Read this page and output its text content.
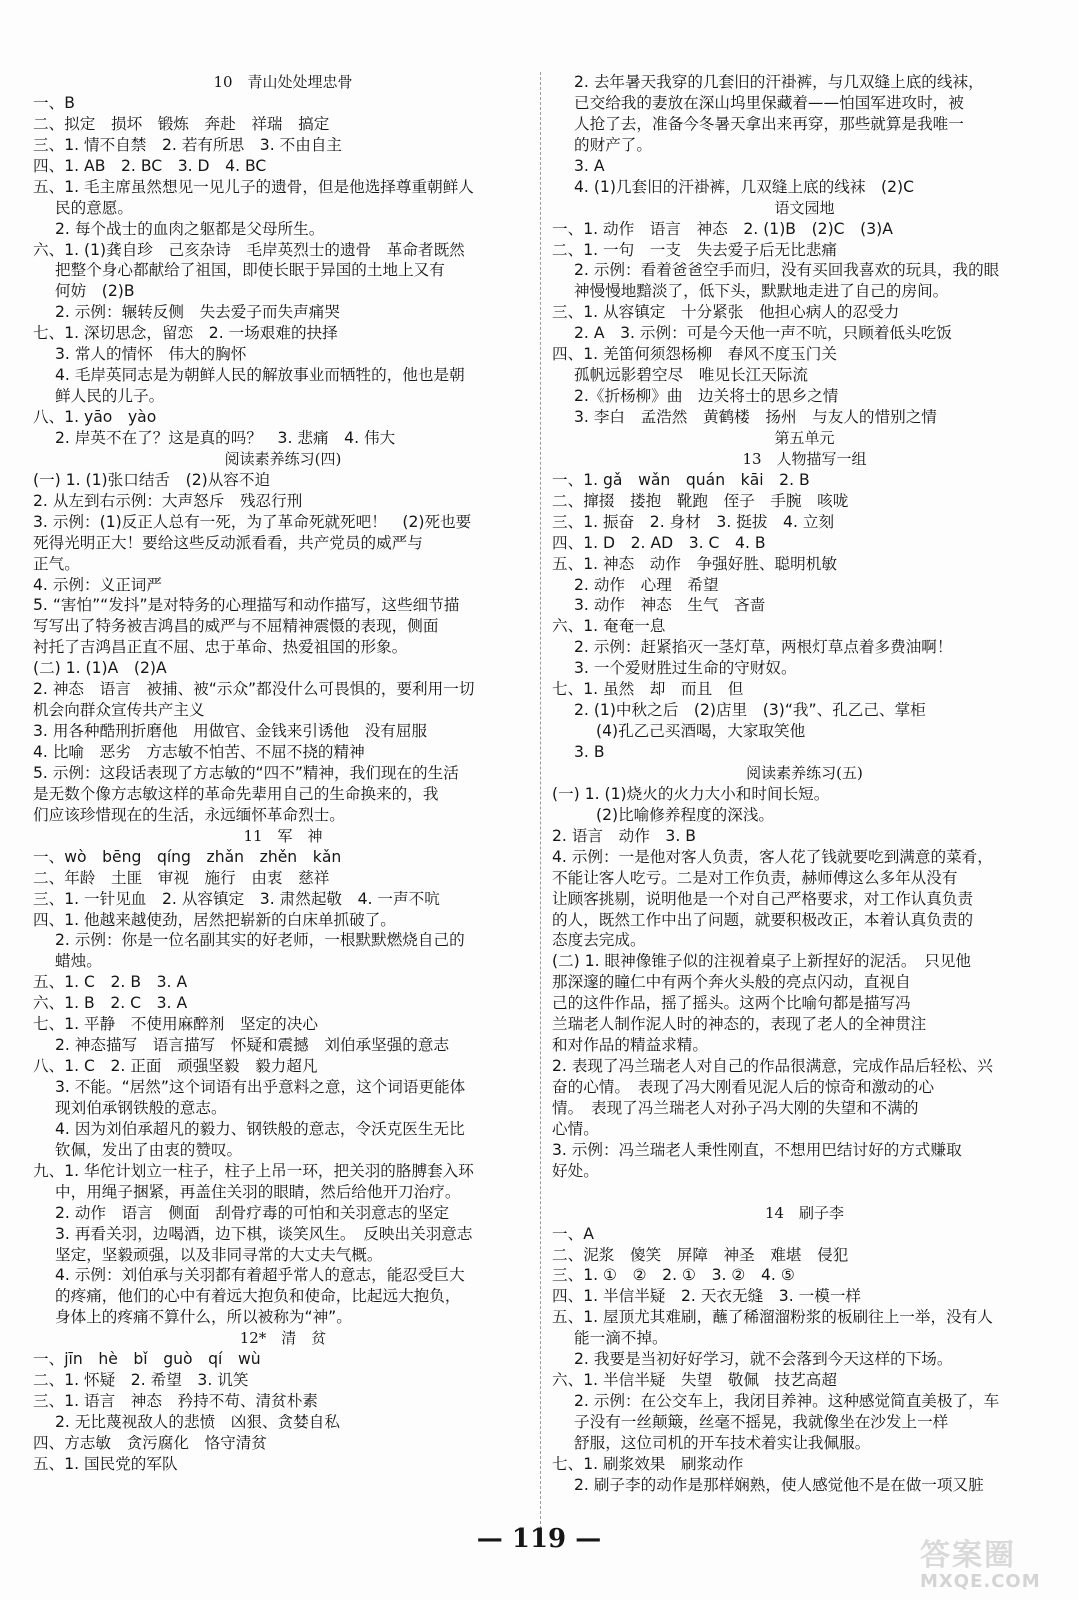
10　青山处处埋忠骨
一、B
二、拟定　损坏　锻炼　奔赴　祥瑞　搞定
三、1. 情不自禁　2. 若有所思　3. 不由自主
四、1. AB　2. BC　3. D　4. BC
五、1. 毛主席虽然想见一见儿子的遗骨，但是他选择尊重朝鲜人
民的意愿。
2. 每个战士的血肉之躯都是父母所生。
六、1. (1)龚自珍　己亥杂诗　毛岸英烈士的遗骨　革命者既然
把整个身心都献给了祖国，即使长眠于异国的土地上又有
何妨　(2)B
2. 示例：辗转反侧　失去爱子而失声痛哭
七、1. 深切思念，留恋　2. 一场艰难的抉择
3. 常人的情怀　伟大的胸怀
4. 毛岸英同志是为朝鲜人民的解放事业而牺牲的，他也是朝
鲜人民的儿子。
八、1. yāo　yào
2. 岸英不在了？这是真的吗？　3. 悲痛　4. 伟大
阅读素养练习(四)
(一) 1. (1)张口结舌　(2)从容不迫
2. 从左到右示例：大声怒斥　残忍行刑
3. 示例：(1)反正人总有一死，为了革命死就死吧！　(2)死也要
死得光明正大！要给这些反动派看看，共产党员的威严与
正气。
4. 示例：义正词严
5. “害怕”“发抖”是对特务的心理描写和动作描写，这些细节描
写写出了特务被吉鸿昌的威严与不屈精神震慑的表现，侧面
衬托了吉鸿昌正直不屈、忠于革命、热爱祖国的形象。
(二) 1. (1)A　(2)A
2. 神态　语言　被捕、被“示众”都没什么可畏惧的，要利用一切
机会向群众宣传共产主义
3. 用各种酷刑折磨他　用做官、金钱来引诱他　没有屈服
4. 比喻　恶劣　方志敏不怕苦、不屈不挠的精神
5. 示例：这段话表现了方志敏的“四不”精神，我们现在的生活
是无数个像方志敏这样的革命先辈用自己的生命换来的，我
们应该珍惜现在的生活，永远缅怀革命烈士。
11　军　神
一、wò　bēng　qíng　zhǎn　zhěn　kǎn
二、年龄　土匪　审视　施行　由衷　慈祥
三、1. 一针见血　2. 从容镇定　3. 肃然起敬　4. 一声不吭
四、1. 他越来越使劲，居然把崭新的白床单抓破了。
2. 示例：你是一位名副其实的好老师，一根默默燃烧自己的
蜡烛。
五、1. C　2. B　3. A
六、1. B　2. C　3. A
七、1. 平静　不使用麻醉剂　坚定的决心
2. 神态描写　语言描写　怀疑和震撼　刘伯承坚强的意志
八、1. C　2. 正面　顽强坚毅　毅力超凡
3. 不能。“居然”这个词语有出乎意料之意，这个词语更能体
现刘伯承钢铁般的意志。
4. 因为刘伯承超凡的毅力、钢铁般的意志，令沃克医生无比
钦佩，发出了由衷的赞叹。
九、1. 华佗计划立一柱子，柱子上吊一环，把关羽的胳膊套入环
中，用绳子捆紧，再盖住关羽的眼睛，然后给他开刀治疗。
2. 动作　语言　侧面　刮骨疗毒的可怕和关羽意志的坚定
3. 再看关羽，边喝酒，边下棋，谈笑风生。　反映出关羽意志
坚定，坚毅顽强，以及非同寻常的大丈夫气概。
4. 示例：刘伯承与关羽都有着超乎常人的意志，能忍受巨大
的疼痛，他们的心中有着远大抱负和使命，比起远大抱负，
身体上的疼痛不算什么，所以被称为“神”。
12*　清　贫
一、jīn　hè　bǐ　guò　qí　wù
二、1. 怀疑　2. 希望　3. 讥笑
三、1. 语言　神态　矜持不苟、清贫朴素
2. 无比蔑视敌人的悲愤　凶狠、贪婪自私
四、方志敏　贪污腐化　恪守清贫
五、1. 国民党的军队
2. 去年暑天我穿的几套旧的汗褂裤，与几双缝上底的线袜，
已交给我的妻放在深山坞里保藏着——怕国军进攻时，被
人抢了去，准备今冬暑天拿出来再穿，那些就算是我唯一
的财产了。
3. A
4. (1)几套旧的汗褂裤，几双缝上底的线袜　(2)C
语文园地
一、1. 动作　语言　神态　2. (1)B　(2)C　(3)A
二、1. 一句　一支　失去爱子后无比悲痛
2. 示例：看着爸爸空手而归，没有买回我喜欢的玩具，我的眼
神慢慢地黯淡了，低下头，默默地走进了自己的房间。
三、1. 从容镇定　十分紧张　他担心病人的忍受力
2. A　3. 示例：可是今天他一声不吭，只顾着低头吃饭
四、1. 羌笛何须怨杨柳　春风不度玉门关
孤帆远影碧空尽　唯见长江天际流
2.《折杨柳》曲　边关将士的思乡之情
3. 李白　孟浩然　黄鹤楼　扬州　与友人的惜别之情
第五单元
13　人物描写一组
一、1. gǎ　wǎn　quán　kāi　2. B
二、撺掇　搂抱　靴跑　侄子　手腕　咳咙
三、1. 振奋　2. 身材　3. 挺拔　4. 立刻
四、1. D　2. AD　3. C　4. B
五、1. 神态　动作　争强好胜、聪明机敏
2. 动作　心理　希望
3. 动作　神态　生气　吝啬
六、1. 奄奄一息
2. 示例：赶紧掐灭一茎灯草，两根灯草点着多费油啊！
3. 一个爱财胜过生命的守财奴。
七、1. 虽然　却　而且　但
2. (1)中秋之后　(2)店里　(3)“我”、孔乙己、掌柜
(4)孔乙己买酒喝，大家取笑他
3. B
阅读素养练习(五)
(一) 1. (1)烧火的火力大小和时间长短。
(2)比喻修养程度的深浅。
2. 语言　动作　3. B
4. 示例：一是他对客人负责，客人花了钱就要吃到满意的菜肴，
不能让客人吃亏。二是对工作负责，赫师傅这么多年从没有
让顾客挑剔，说明他是一个对自己严格要求，对工作认真负责
的人，既然工作中出了问题，就要积极改正，本着认真负责的
态度去完成。
(二) 1. 眼神像锥子似的注视着桌子上新捏好的泥活。　只见他
那深邃的瞳仁中有两个奔火头般的亮点闪动，直视自
己的这件作品，摇了摇头。这两个比喻句都是描写冯
兰瑞老人制作泥人时的神态的，表现了老人的全神贯注
和对作品的精益求精。
2. 表现了冯兰瑞老人对自己的作品很满意，完成作品后轻松、兴
奋的心情。　表现了冯大刚看见泥人后的惊奇和激动的心
情。　表现了冯兰瑞老人对孙子冯大刚的失望和不满的
心情。
3. 示例：冯兰瑞老人秉性刚直，不想用巴结讨好的方式赚取
好处。
14　刷子李
一、A
二、泥浆　傻笑　屏障　神圣　难堪　侵犯
三、1. ①　②　2. ①　3. ②　4. ⑤
四、1. 半信半疑　2. 天衣无缝　3. 一模一样
五、1. 屋顶尤其难刷，蘸了稀溜溜粉浆的板刷往上一举，没有人
能一滴不掉。
2. 我要是当初好好学习，就不会落到今天这样的下场。
六、1. 半信半疑　失望　敬佩　技艺高超
2. 示例：在公交车上，我闭目养神。这种感觉简直美极了，车
子没有一丝颠簸，丝毫不摇晃，我就像坐在沙发上一样
舒服，这位司机的开车技术着实让我佩服。
七、1. 刷浆效果　刷浆动作
2. 刷子李的动作是那样娴熟，使人感觉他不是在做一项又脏
— 119 —	答案圈
MXQE.COM
